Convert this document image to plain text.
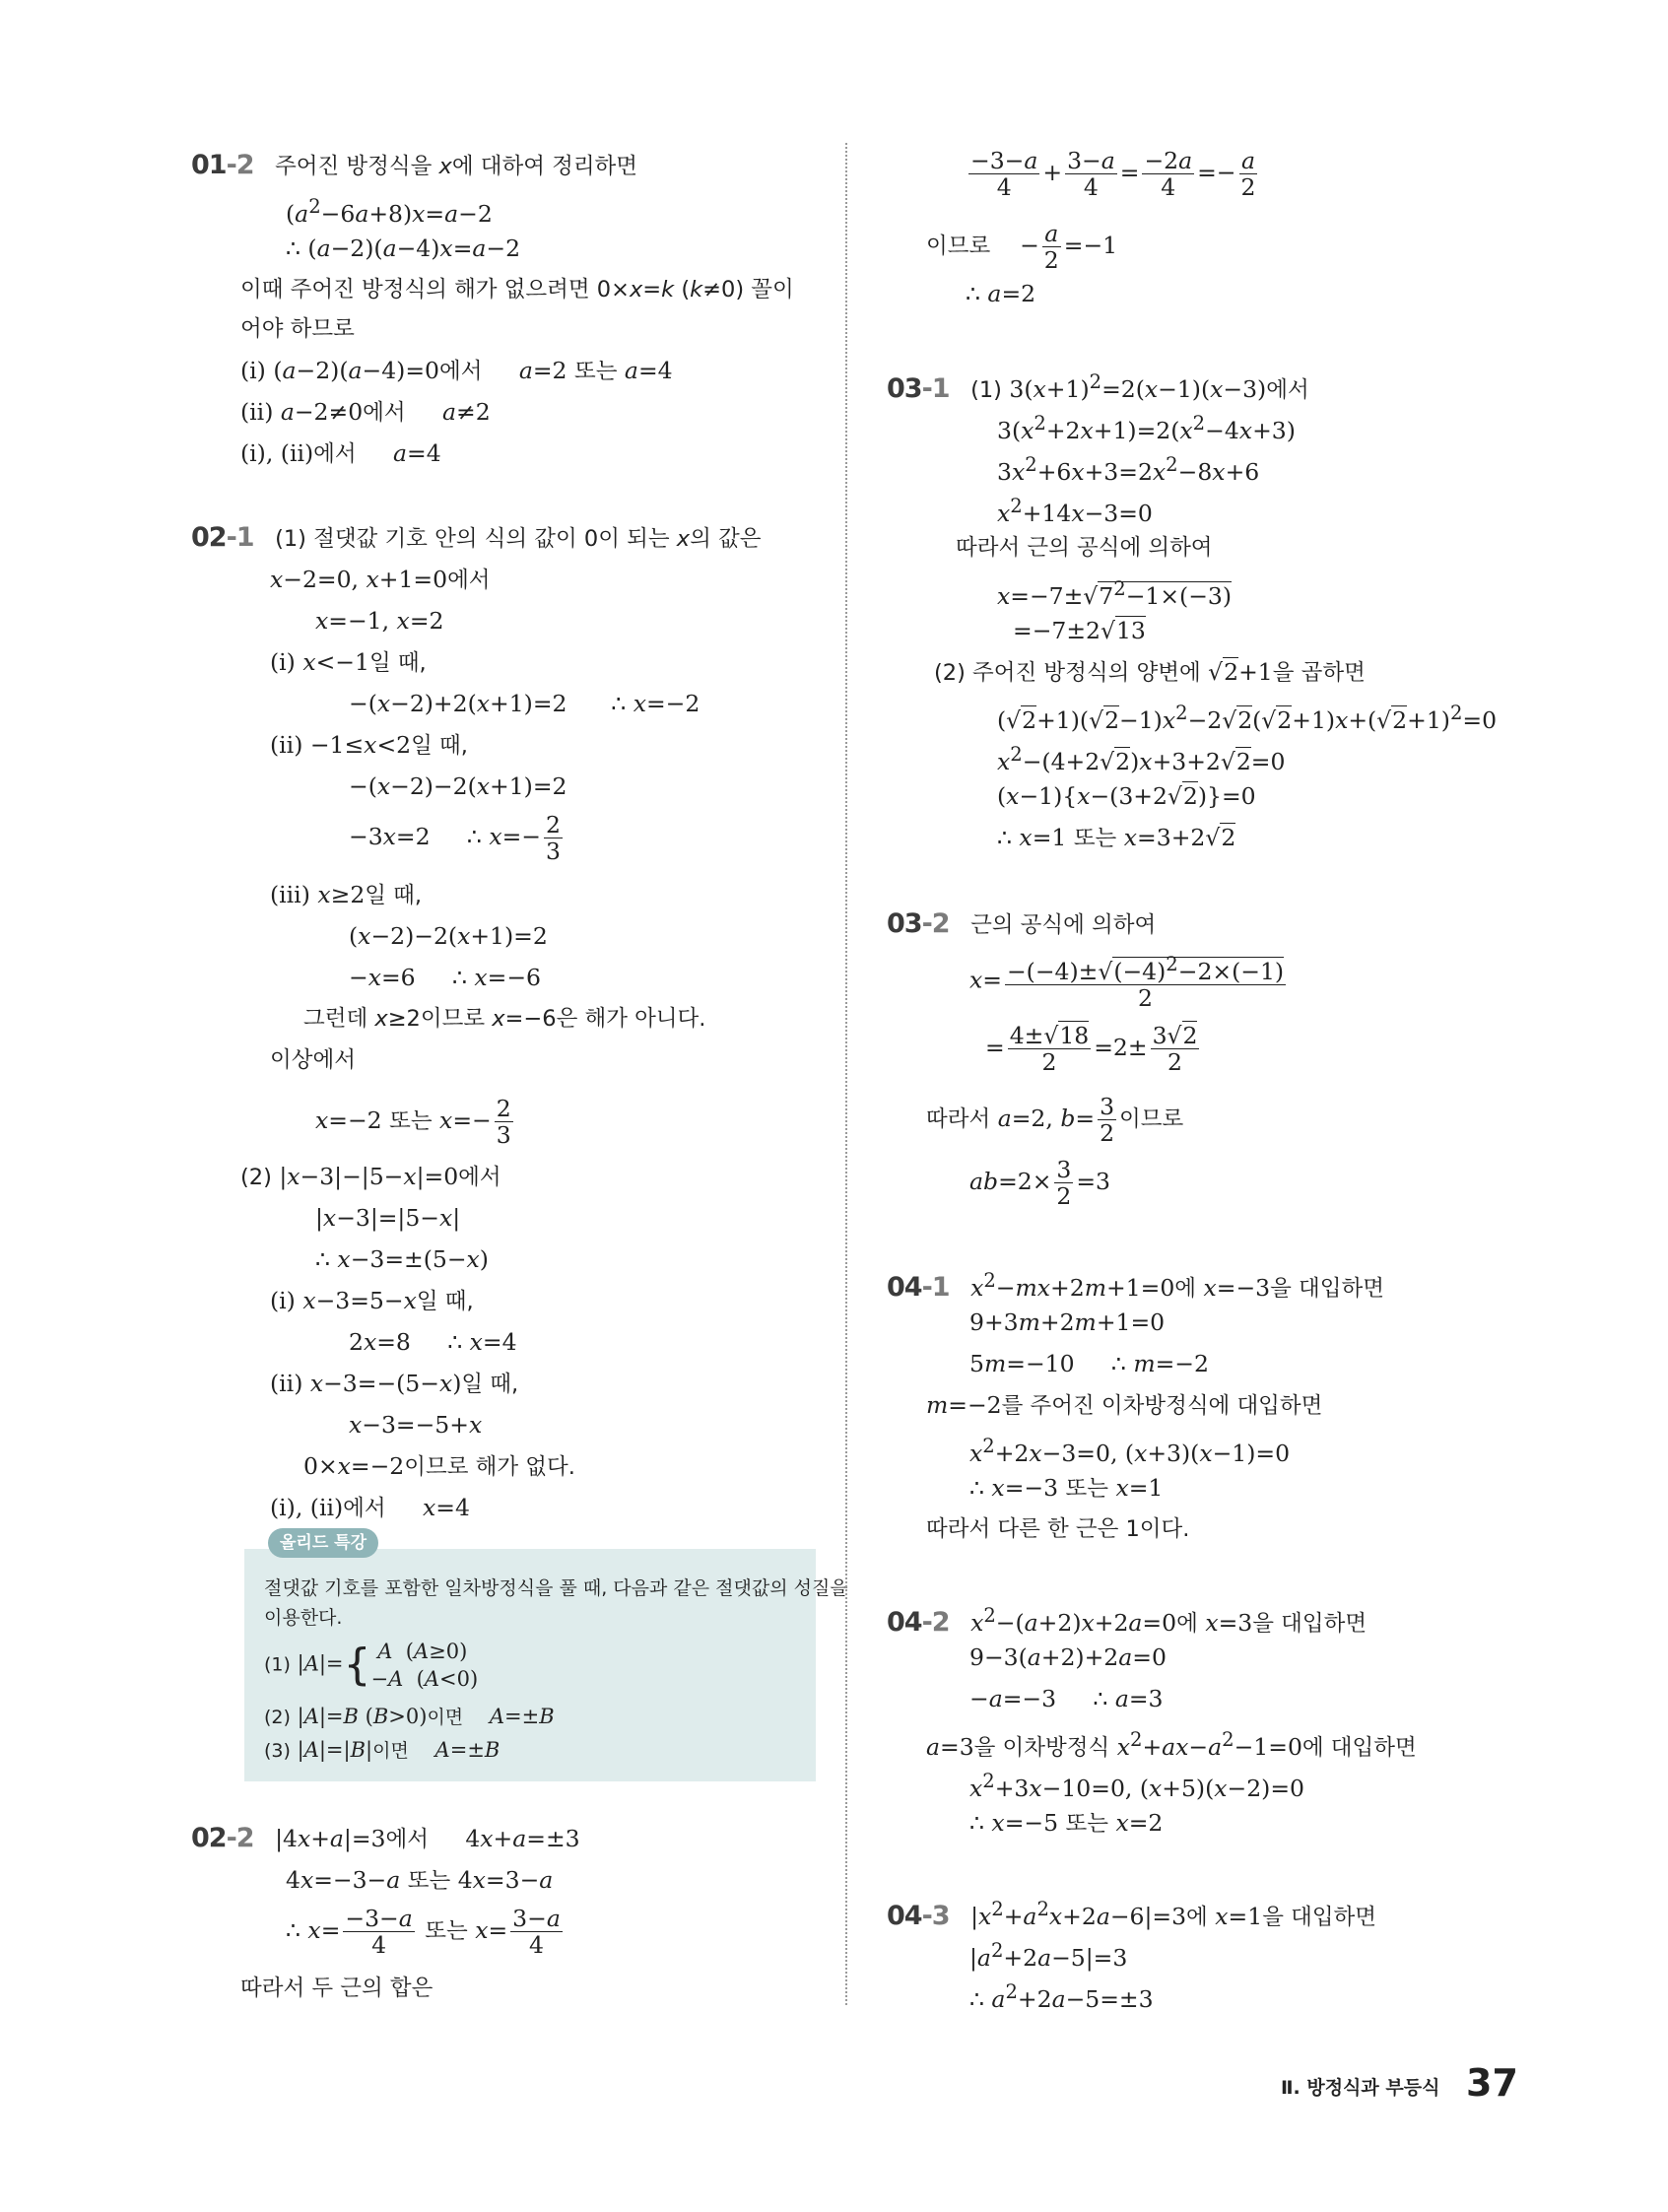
01-2 주어진 방정식을 x에 대하여 정리하면
$(a^2-6a+8)x=a-2$
∴ (a−2)(a−4)x=a−2
이때 주어진 방정식의 해가 없으려면 0×x=k (k≠0) 꼴이
어야 하므로
(ⅰ) (a−2)(a−4)=0에서 a=2 또는 a=4
(ⅱ) a−2≠0에서 a≠2
(ⅰ), (ⅱ)에서 a=4
02-1 (1) 절댓값 기호 안의 식의 값이 0이 되는 x의 값은
x−2=0, x+1=0에서
x=−1, x=2
(ⅰ) x<−1일 때,
−(x−2)+2(x+1)=2      ∴ x=−2
(ⅱ) −1≤x<2일 때,
−(x−2)−2(x+1)=2
−3x=2     ∴ $x=- \frac{2}{3}$
(ⅲ) x≥2일 때,
(x−2)−2(x+1)=2
−x=6     ∴ x=−6
그런데 x≥2이므로 x=−6은 해가 아니다.
이상에서
x=−2 또는 $x=- \frac{2}{3}$
(2) |x−3|−|5−x|=0에서
|x−3|=|5−x|
∴ x−3=±(5−x)
(ⅰ) x−3=5−x일 때,
2x=8     ∴ x=4
(ⅱ) x−3=−(5−x)일 때,
x−3=−5+x
0×x=−2이므로 해가 없다.
(ⅰ), (ⅱ)에서 x=4
02-2 |4x+a|=3에서     4x+a=±3
4x=−3−a 또는 4x=3−a
∴ $x= \frac{-3-a}{4}$ 또는 $x= \frac{3-a}{4}$
따라서 두 근의 합은
올리드 특강
절댓값 기호를 포함한 일차방정식을 풀 때, 다음과 같은 절댓값의 성질을
이용한다.
(1) |A|={ A  (A≥0)
−A  (A<0)
(2) |A|=B (B>0)이면 A=±B
(3) |A|=|B|이면 A=±B
$\frac{-3-a}{4} + \frac{3-a}{4} = \frac{-2a}{4} =- \frac{a}{2}$
이므로    − $\frac{a}{2} =-1$
∴ a=2
03-1 (1) $3(x+1)^2=2(x-1)(x-3)$에서
$3(x^2+2x+1)=2(x^2-4x+3)$
$3x^2+6x+3=2x^2-8x+6$
$x^2+14x-3=0$
따라서 근의 공식에 의하여
$x=-7\pm√7^2-1\times(-3)$
=−7±2√13
(2) 주어진 방정식의 양변에 √2+1을 곱하면
$(√2+1)(√2-1)x^2-2√2(√2+1)x+(√2+1)^2=0$
$x^2-(4+2√2)x+3+2√2=0$
(x−1){x−(3+2√2)}=0
∴ x=1 또는 x=3+2√2
03-2 근의 공식에 의하여
$x= \frac{-(-4)\pm√(-4)^2-2\times(-1)}{2}$
= $\frac{4\pm√18}{2} =2\pm \frac{3√2}{2}$
따라서 a=2, $b= \frac{3}{2}$ 이므로
$ab=2\times \frac{3}{2} =3$
04-1 $x^2-mx+2m+1=0$에 x=−3을 대입하면
9+3m+2m+1=0
5m=−10     ∴ m=−2
m=−2를 주어진 이차방정식에 대입하면
$x^2+2x-3=0$, (x+3)(x−1)=0
∴ x=−3 또는 x=1
따라서 다른 한 근은 1이다.
04-2 $x^2-(a+2)x+2a=0$에 x=3을 대입하면
9−3(a+2)+2a=0
−a=−3     ∴ a=3
a=3을 이차방정식 $x^2+ax-a^2-1=0$에 대입하면
$x^2+3x-10=0$, (x+5)(x−2)=0
∴ x=−5 또는 x=2
04-3 $|x^2+a^2x+2a-6|=3$에 x=1을 대입하면
$|a^2+2a-5|=3$
∴ $a^2+2a-5=\pm 3$
Ⅱ. 방정식과 부등식 37
